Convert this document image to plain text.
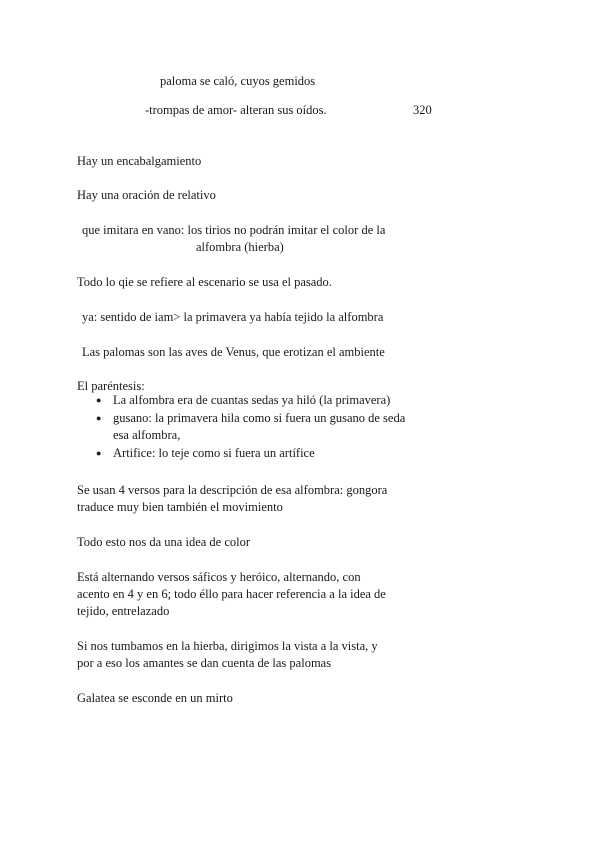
paloma se caló, cuyos gemidos
-trompas de amor- alteran sus oídos.	320
Hay un encabalgamiento
Hay una oración de relativo
que imitara en vano: los tirios no podrán imitar el color de la
alfombra (hierba)
Todo lo qie se refiere al escenario se usa el pasado.
ya: sentido de iam> la primavera ya había tejido la alfombra
Las palomas son las aves de Venus, que erotizan el ambiente
El paréntesis:
● La alfombra era de cuantas sedas ya hiló (la primavera)
● gusano: la primavera hila como si fuera un gusano de seda esa alfombra,
● Artifice: lo teje como si fuera un artífice
Se usan 4 versos para la descripción de esa alfombra: gongora
traduce muy bien también el movimiento
Todo esto nos da una idea de color
Está alternando versos sáficos y heróico, alternando, con
acento en 4 y en 6; todo éllo para hacer referencia a la idea de
tejido, entrelazado
Si nos tumbamos en la hierba, dirigimos la vista a la vista, y
por a eso los amantes se dan cuenta de las palomas
Galatea se esconde en un mirto
